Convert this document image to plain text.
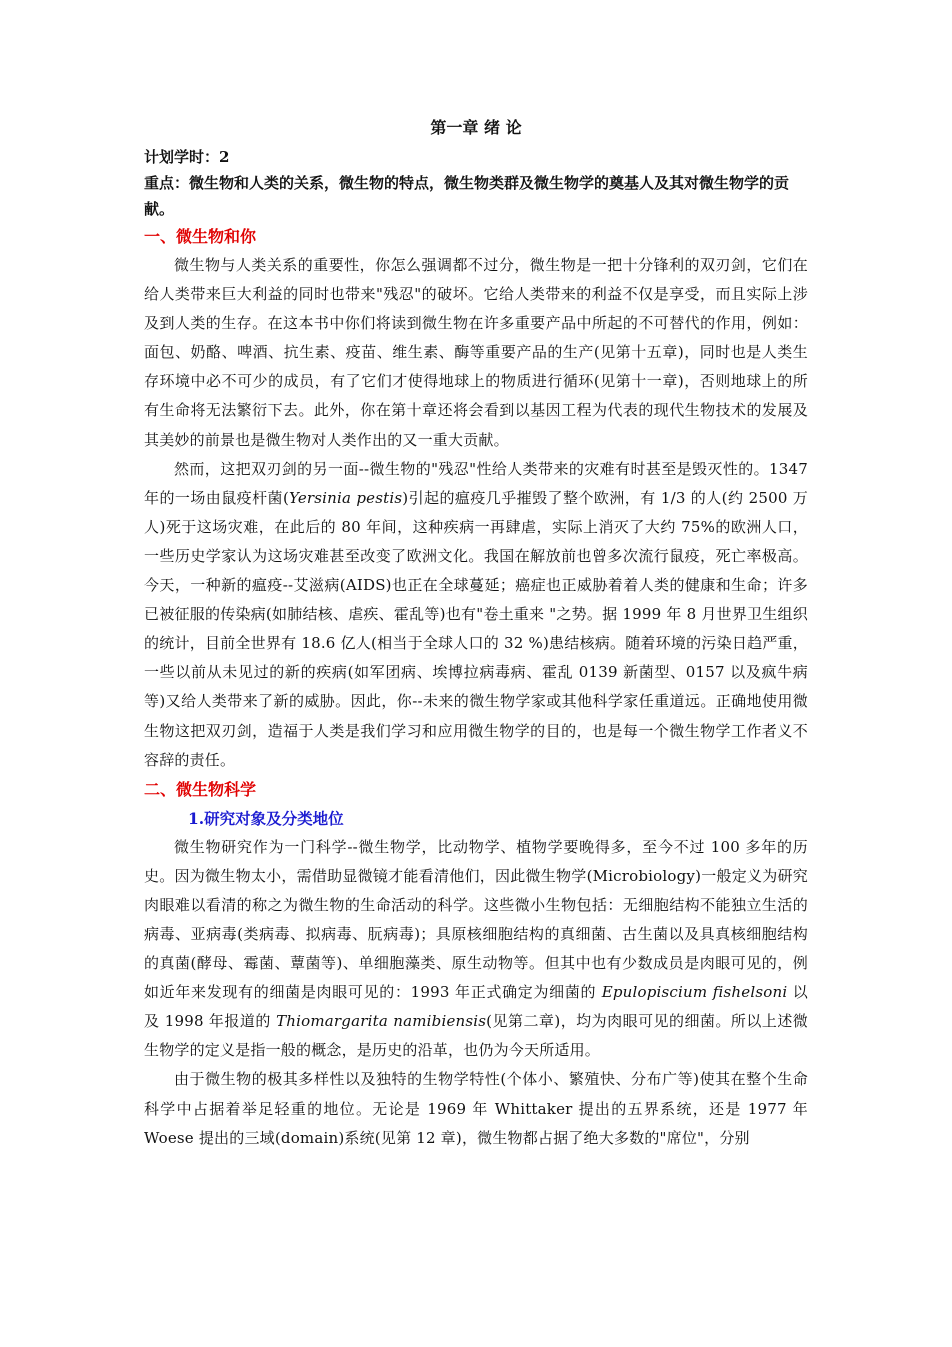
第一章 绪 论

计划学时：2

重点：微生物和人类的关系，微生物的特点，微生物类群及微生物学的奠基人及其对微生物学的贡献。

一、微生物和你

微生物与人类关系的重要性，你怎么强调都不过分，微生物是一把十分锋利的双刃剑，它们在给人类带来巨大利益的同时也带来"残忍"的破坏。它给人类带来的利益不仅是享受，而且实际上涉及到人类的生存。在这本书中你们将读到微生物在许多重要产品中所起的不可替代的作用，例如：面包、奶酪、啤酒、抗生素、疫苗、维生素、酶等重要产品的生产(见第十五章)，同时也是人类生存环境中必不可少的成员，有了它们才使得地球上的物质进行循环(见第十一章)，否则地球上的所有生命将无法繁衍下去。此外，你在第十章还将会看到以基因工程为代表的现代生物技术的发展及其美妙的前景也是微生物对人类作出的又一重大贡献。

然而，这把双刃剑的另一面--微生物的"残忍"性给人类带来的灾难有时甚至是毁灭性的。1347 年的一场由鼠疫杆菌(Yersinia pestis)引起的瘟疫几乎摧毁了整个欧洲，有 1/3 的人(约 2500 万人)死于这场灾难，在此后的 80 年间，这种疾病一再肆虐，实际上消灭了大约 75%的欧洲人口，一些历史学家认为这场灾难甚至改变了欧洲文化。我国在解放前也曾多次流行鼠疫，死亡率极高。今天，一种新的瘟疫--艾滋病(AIDS)也正在全球蔓延；癌症也正威胁着着人类的健康和生命；许多已被征服的传染病(如肺结核、虐疾、霍乱等)也有"卷土重来 "之势。据 1999 年 8 月世界卫生组织的统计，目前全世界有 18.6 亿人(相当于全球人口的 32 %)患结核病。随着环境的污染日趋严重，一些以前从未见过的新的疾病(如军团病、埃博拉病毒病、霍乱 0139 新菌型、0157 以及疯牛病等)又给人类带来了新的威胁。因此，你--未来的微生物学家或其他科学家任重道远。正确地使用微生物这把双刃剑，造福于人类是我们学习和应用微生物学的目的，也是每一个微生物学工作者义不容辞的责任。

二、微生物科学
1.研究对象及分类地位

微生物研究作为一门科学--微生物学，比动物学、植物学要晚得多，至今不过 100 多年的历史。因为微生物太小，需借助显微镜才能看清他们，因此微生物学(Microbiology)一般定义为研究肉眼难以看清的称之为微生物的生命活动的科学。这些微小生物包括：无细胞结构不能独立生活的病毒、亚病毒(类病毒、拟病毒、朊病毒)；具原核细胞结构的真细菌、古生菌以及具真核细胞结构的真菌(酵母、霉菌、蕈菌等)、单细胞藻类、原生动物等。但其中也有少数成员是肉眼可见的，例如近年来发现有的细菌是肉眼可见的：1993 年正式确定为细菌的 Epulopiscium fishelsoni 以及 1998 年报道的 Thiomargarita namibiensis(见第二章)，均为肉眼可见的细菌。所以上述微生物学的定义是指一般的概念，是历史的沿革，也仍为今天所适用。

由于微生物的极其多样性以及独特的生物学特性(个体小、繁殖快、分布广等)使其在整个生命科学中占据着举足轻重的地位。无论是 1969 年 Whittaker 提出的五界系统，还是 1977 年 Woese 提出的三域(domain)系统(见第 12 章)，微生物都占据了绝大多数的"席位"，分别
